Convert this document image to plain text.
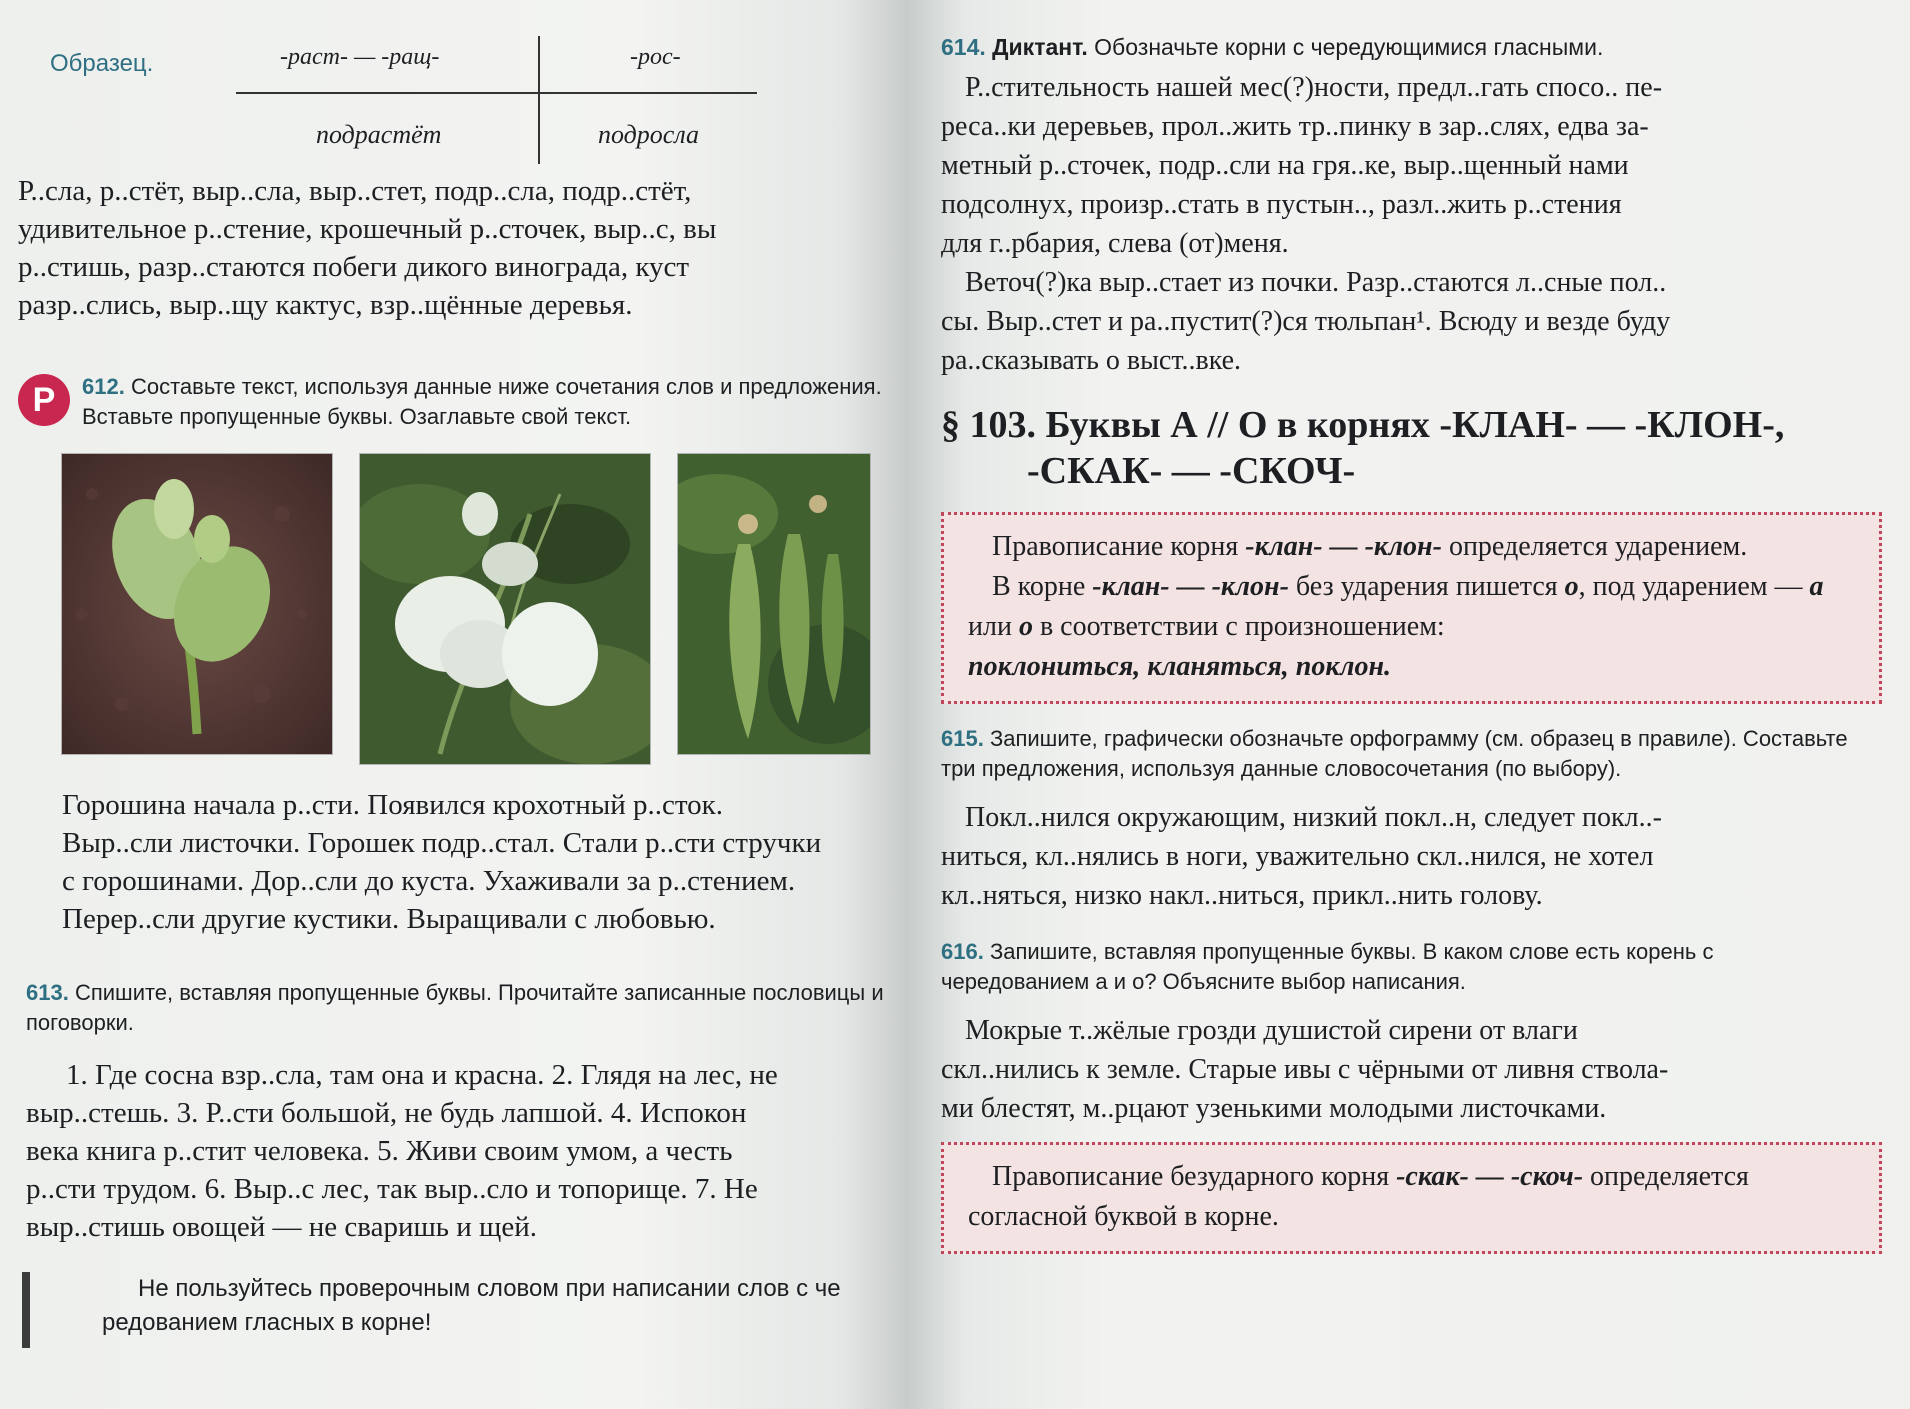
Образец.	-раст- — -ращ-	-рос-
подрастёт	подросла

Р..сла, р..стёт, выр..сла, выр..стет, подр..сла, подр..стёт,

удивительное р..стение, крошечный р..сточек, выр..с, вы

р..стишь, разр..стаются побеги дикого винограда, куст

разр..слись, выр..щу кактус, взр..щённые деревья.

Р	612. Составьте текст, используя данные ниже сочетания слов и предложения. Вставьте пропущенные буквы. Озаглавьте свой текст.

Горошина начала р..сти. Появился крохотный р..сток.

Выр..сли листочки. Горошек подр..стал. Стали р..сти стручки

с горошинами. Дор..сли до куста. Ухаживали за р..стением.

Перер..сли другие кустики. Выращивали с любовью.

613. Спишите, вставляя пропущенные буквы. Прочитайте записанные пословицы и поговорки.

1. Где сосна взр..сла, там она и красна. 2. Глядя на лес, не

выр..стешь. 3. Р..сти большой, не будь лапшой. 4. Испокон

века книга р..стит человека. 5. Живи своим умом, а честь

р..сти трудом. 6. Выр..с лес, так выр..сло и топорище. 7. Не

выр..стишь овощей — не сваришь и щей.

Не пользуйтесь проверочным словом при написании слов с че

редованием гласных в корне!

614. Диктант. Обозначьте корни с чередующимися гласными.

Р..стительность нашей мес(?)ности, предл..гать спосо.. пе-

реса..ки деревьев, прол..жить тр..пинку в зар..слях, едва за-

метный р..сточек, подр..сли на гря..ке, выр..щенный нами

подсолнух, произр..стать в пустын.., разл..жить р..стения

для г..рбария, слева (от)меня.

Веточ(?)ка выр..стает из почки. Разр..стаются л..сные пол..

сы. Выр..стет и ра..пустит(?)ся тюльпан¹. Всюду и везде буду

ра..сказывать о выст..вке.

§ 103. Буквы А // О в корнях -КЛАН- — -КЛОН-,

-СКАК- — -СКОЧ-

Правописание корня -клан- — -клон- определяется ударением.

В корне -клан- — -клон- без ударения пишется о, под ударением — а или о в соответствии с произношением:

поклониться, кланяться, поклон.

615. Запишите, графически обозначьте орфограмму (см. образец в правиле). Составьте три предложения, используя данные словосочетания (по выбору).

Покл..нился окружающим, низкий покл..н, следует покл..-

ниться, кл..нялись в ноги, уважительно скл..нился, не хотел

кл..няться, низко накл..ниться, прикл..нить голову.

616. Запишите, вставляя пропущенные буквы. В каком слове есть корень с чередованием а и о? Объясните выбор написания.

Мокрые т..жёлые грозди душистой сирени от влаги

скл..нились к земле. Старые ивы с чёрными от ливня ствола-

ми блестят, м..рцают узенькими молодыми листочками.

Правописание безударного корня -скак- — -скоч- определяется согласной буквой в корне.
